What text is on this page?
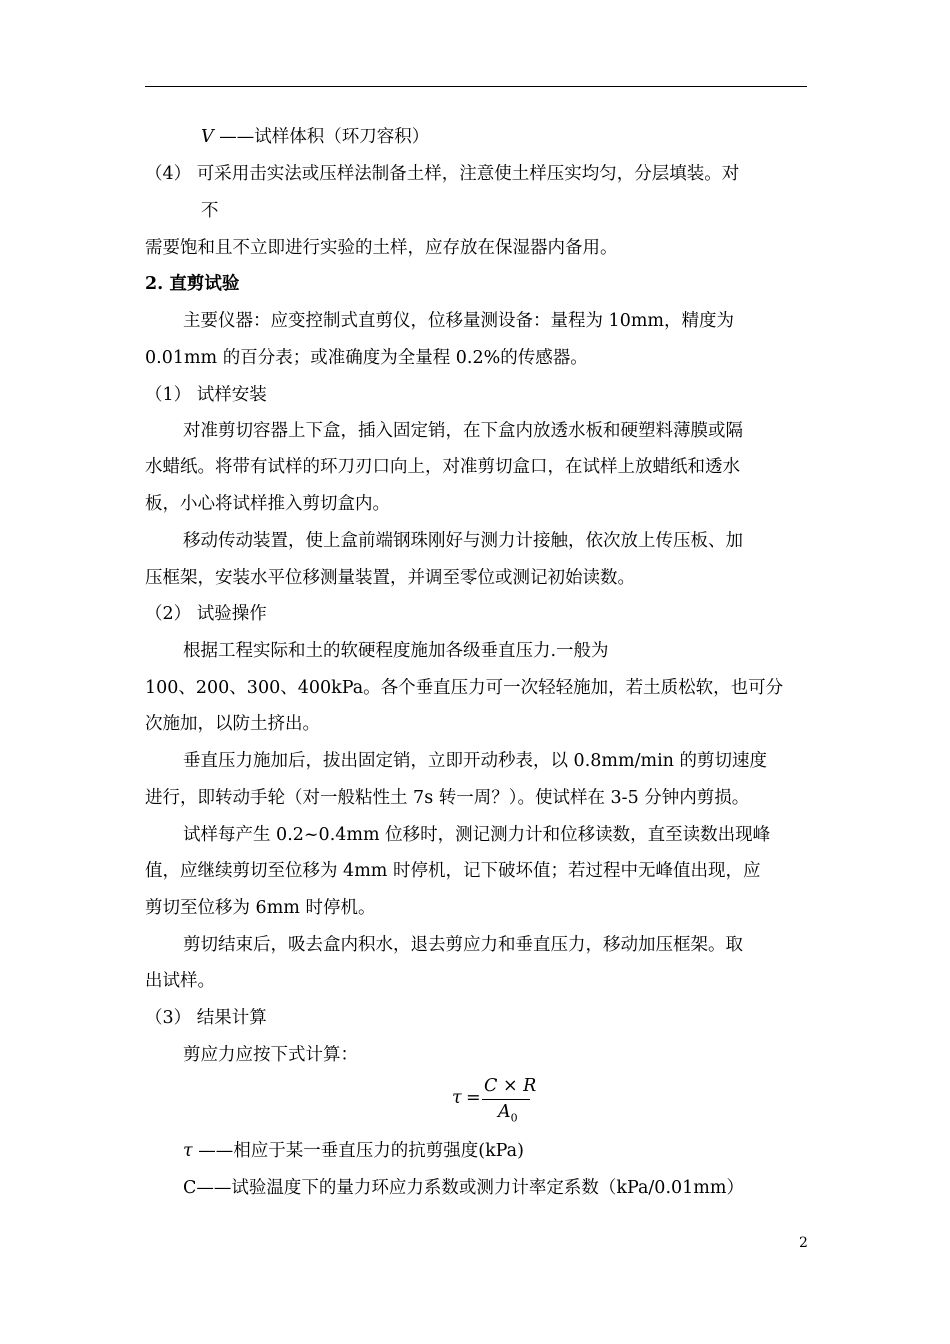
V ——试样体积（环刀容积）
（4） 可采用击实法或压样法制备土样，注意使土样压实均匀，分层填装。对
不
需要饱和且不立即进行实验的土样，应存放在保湿器内备用。
2. 直剪试验
主要仪器：应变控制式直剪仪，位移量测设备：量程为 10mm，精度为
0.01mm 的百分表；或准确度为全量程 0.2%的传感器。
（1） 试样安装
对准剪切容器上下盒，插入固定销，在下盒内放透水板和硬塑料薄膜或隔
水蜡纸。将带有试样的环刀刃口向上，对准剪切盒口，在试样上放蜡纸和透水
板，小心将试样推入剪切盒内。
移动传动装置，使上盒前端钢珠刚好与测力计接触，依次放上传压板、加
压框架，安装水平位移测量装置，并调至零位或测记初始读数。
（2） 试验操作
根据工程实际和土的软硬程度施加各级垂直压力.一般为
100、200、300、400kPa。各个垂直压力可一次轻轻施加，若土质松软，也可分
次施加，以防土挤出。
垂直压力施加后，拔出固定销，立即开动秒表，以 0.8mm/min 的剪切速度
进行，即转动手轮（对一般粘性土 7s 转一周？）。使试样在 3-5 分钟内剪损。
试样每产生 0.2~0.4mm 位移时，测记测力计和位移读数，直至读数出现峰
值，应继续剪切至位移为 4mm 时停机，记下破坏值；若过程中无峰值出现，应
剪切至位移为 6mm 时停机。
剪切结束后，吸去盒内积水，退去剪应力和垂直压力，移动加压框架。取
出试样。
（3） 结果计算
剪应力应按下式计算：
τ =
C × R
$A_0$
τ ——相应于某一垂直压力的抗剪强度(kPa)
C——试验温度下的量力环应力系数或测力计率定系数（kPa/0.01mm）
2
